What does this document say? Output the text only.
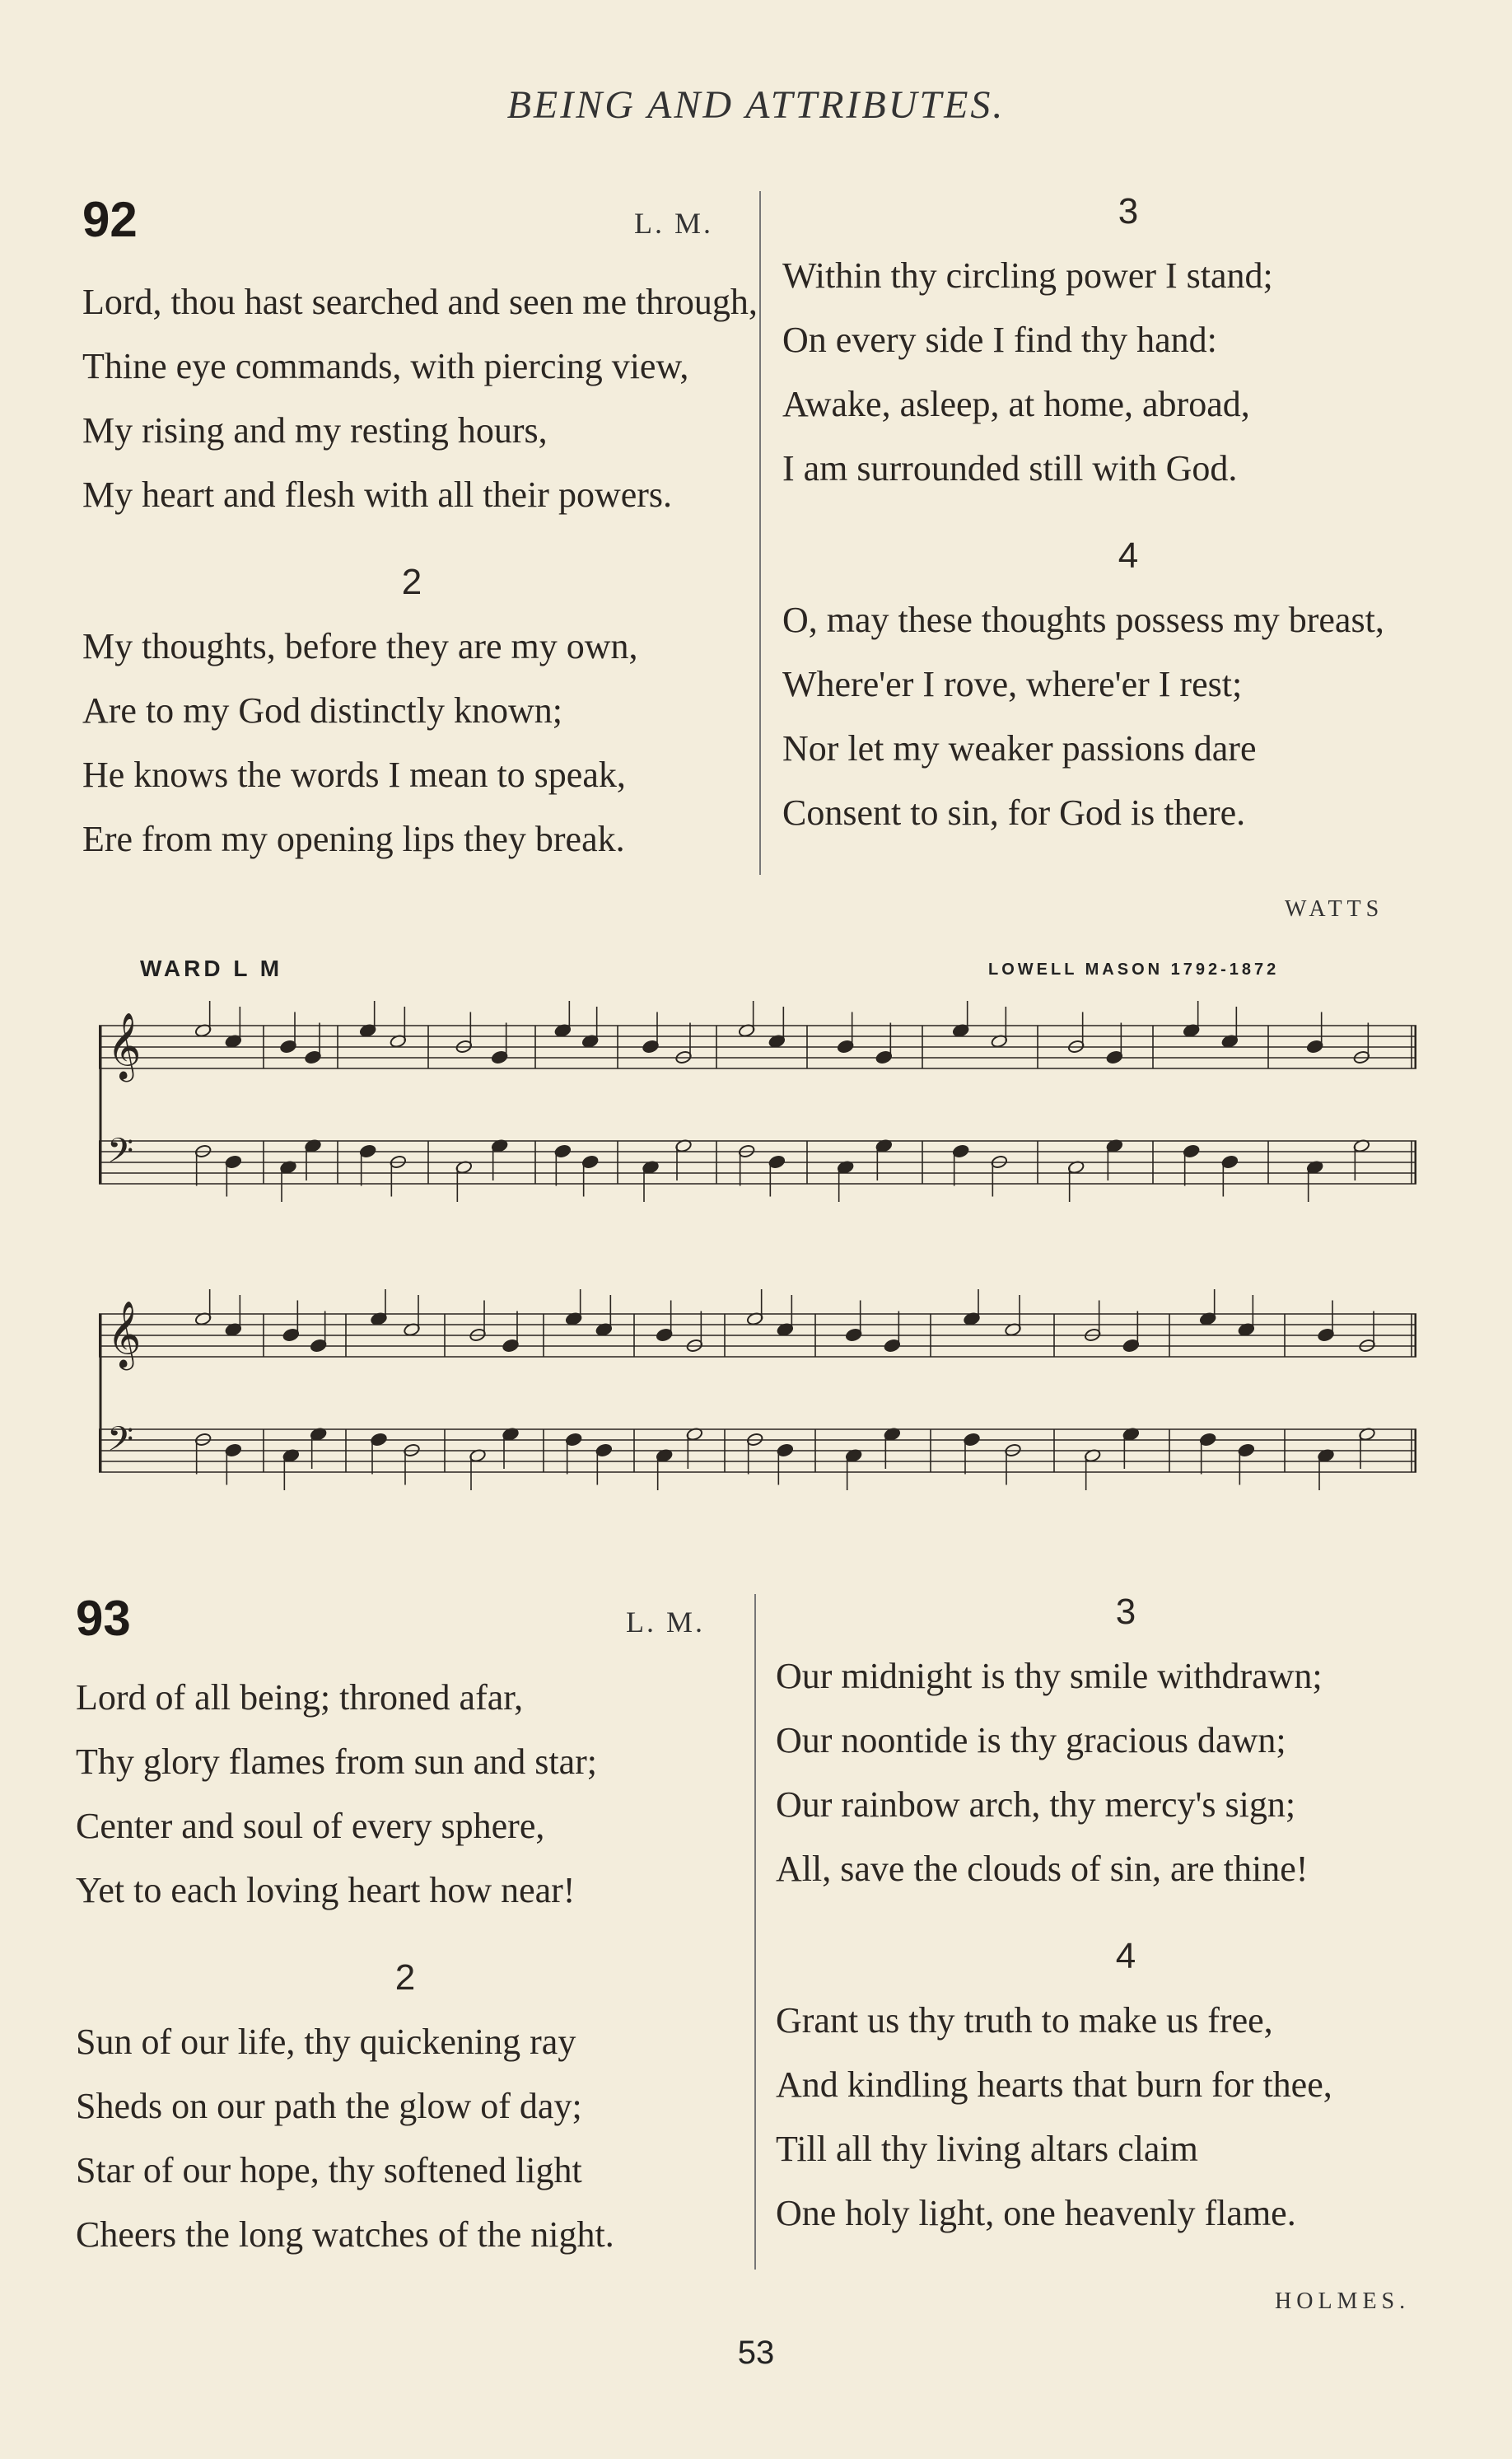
BEING AND ATTRIBUTES.
92	L. M.
Lord, thou hast searched and seen me through,
Thine eye commands, with piercing view,
My rising and my resting hours,
My heart and flesh with all their powers.
2
My thoughts, before they are my own,
Are to my God distinctly known;
He knows the words I mean to speak,
Ere from my opening lips they break.
3
Within thy circling power I stand;
On every side I find thy hand:
Awake, asleep, at home, abroad,
I am surrounded still with God.
4
O, may these thoughts possess my breast,
Where'er I rove, where'er I rest;
Nor let my weaker passions dare
Consent to sin, for God is there.
WATTS
WARD L M	LOWELL MASON 1792-1872
𝄞
𝄢
𝄞
𝄢
93	L. M.
Lord of all being; throned afar,
Thy glory flames from sun and star;
Center and soul of every sphere,
Yet to each loving heart how near!
2
Sun of our life, thy quickening ray
Sheds on our path the glow of day;
Star of our hope, thy softened light
Cheers the long watches of the night.
3
Our midnight is thy smile withdrawn;
Our noontide is thy gracious dawn;
Our rainbow arch, thy mercy's sign;
All, save the clouds of sin, are thine!
4
Grant us thy truth to make us free,
And kindling hearts that burn for thee,
Till all thy living altars claim
One holy light, one heavenly flame.
HOLMES.
53
